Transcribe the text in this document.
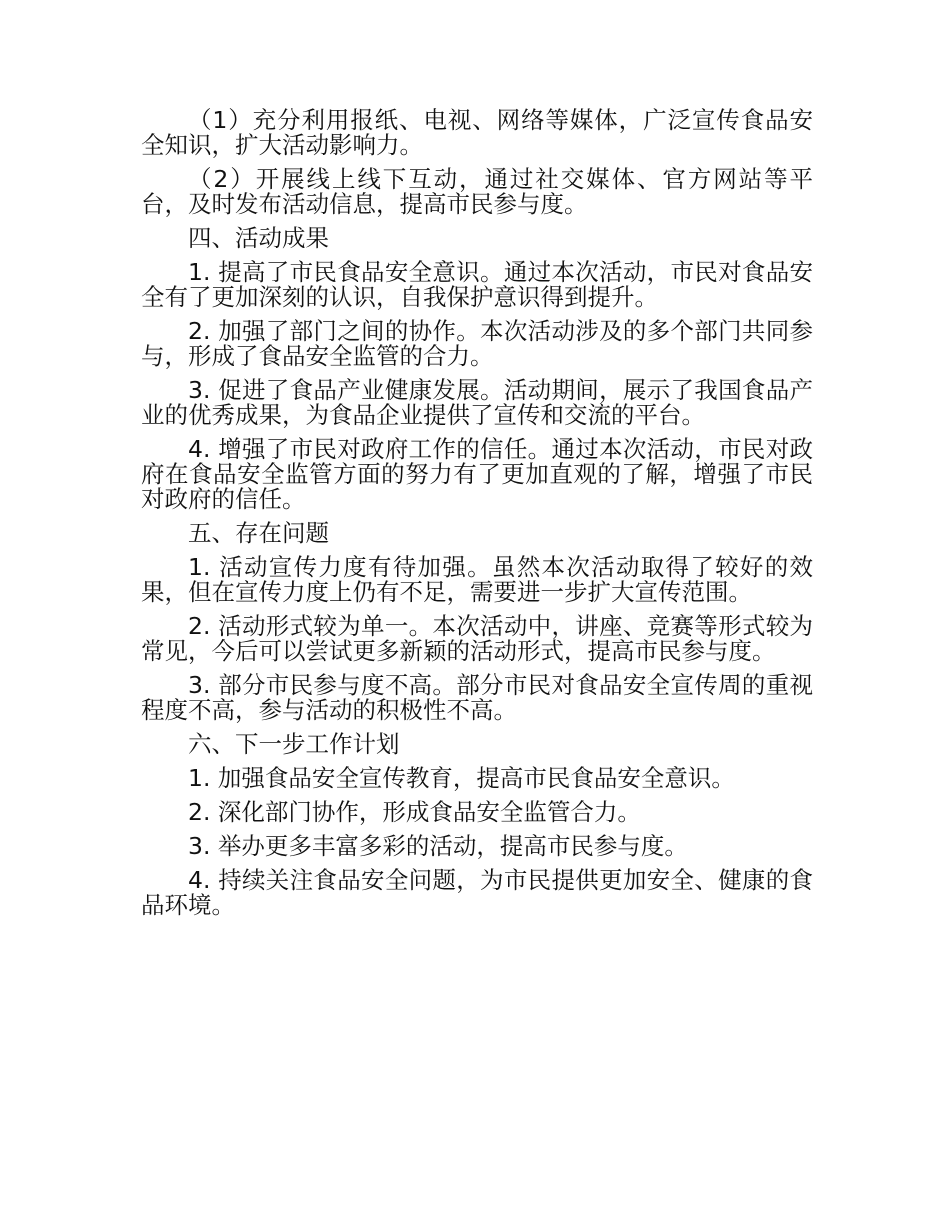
（1）充分利用报纸、电视、网络等媒体，广泛宣传食品安全知识，扩大活动影响力。

（2）开展线上线下互动，通过社交媒体、官方网站等平台，及时发布活动信息，提高市民参与度。

四、活动成果

1. 提高了市民食品安全意识。通过本次活动，市民对食品安全有了更加深刻的认识，自我保护意识得到提升。

2. 加强了部门之间的协作。本次活动涉及的多个部门共同参与，形成了食品安全监管的合力。

3. 促进了食品产业健康发展。活动期间，展示了我国食品产业的优秀成果，为食品企业提供了宣传和交流的平台。

4. 增强了市民对政府工作的信任。通过本次活动，市民对政府在食品安全监管方面的努力有了更加直观的了解，增强了市民对政府的信任。

五、存在问题

1. 活动宣传力度有待加强。虽然本次活动取得了较好的效果，但在宣传力度上仍有不足，需要进一步扩大宣传范围。

2. 活动形式较为单一。本次活动中，讲座、竞赛等形式较为常见，今后可以尝试更多新颖的活动形式，提高市民参与度。

3. 部分市民参与度不高。部分市民对食品安全宣传周的重视程度不高，参与活动的积极性不高。

六、下一步工作计划

1. 加强食品安全宣传教育，提高市民食品安全意识。

2. 深化部门协作，形成食品安全监管合力。

3. 举办更多丰富多彩的活动，提高市民参与度。

4. 持续关注食品安全问题，为市民提供更加安全、健康的食品环境。
